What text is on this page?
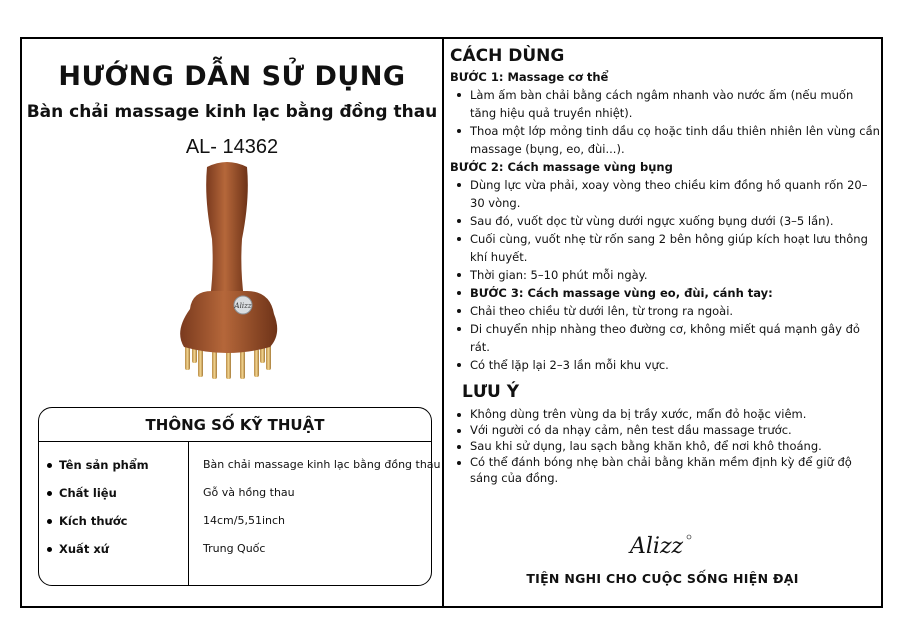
HƯỚNG DẪN SỬ DỤNG
Bàn chải massage kinh lạc bằng đồng thau
AL- 14362
Alizz
THÔNG SỐ KỸ THUẬT
Tên sản phẩm	Bàn chải massage kinh lạc bằng đồng thau
Chất liệu	Gỗ và hồng thau
Kích thước	14cm/5,51inch
Xuất xứ	Trung Quốc
CÁCH DÙNG
BƯỚC 1: Massage cơ thể
Làm ấm bàn chải bằng cách ngâm nhanh vào nước ấm (nếu muốn tăng hiệu quả truyền nhiệt).
Thoa một lớp mỏng tinh dầu cọ hoặc tinh dầu thiên nhiên lên vùng cần massage (bụng, eo, đùi...).
BƯỚC 2: Cách massage vùng bụng
Dùng lực vừa phải, xoay vòng theo chiều kim đồng hồ quanh rốn 20–30 vòng.
Sau đó, vuốt dọc từ vùng dưới ngực xuống bụng dưới (3–5 lần).
Cuối cùng, vuốt nhẹ từ rốn sang 2 bên hông giúp kích hoạt lưu thông khí huyết.
Thời gian: 5–10 phút mỗi ngày.
BƯỚC 3: Cách massage vùng eo, đùi, cánh tay:
Chải theo chiều từ dưới lên, từ trong ra ngoài.
Di chuyển nhịp nhàng theo đường cơ, không miết quá mạnh gây đỏ rát.
Có thể lặp lại 2–3 lần mỗi khu vực.
LƯU Ý
Không dùng trên vùng da bị trầy xước, mẩn đỏ hoặc viêm.
Với người có da nhạy cảm, nên test dầu massage trước.
Sau khi sử dụng, lau sạch bằng khăn khô, để nơi khô thoáng.
Có thể đánh bóng nhẹ bàn chải bằng khăn mềm định kỳ để giữ độ sáng của đồng.
Alizz
TIỆN NGHI CHO CUỘC SỐNG HIỆN ĐẠI
